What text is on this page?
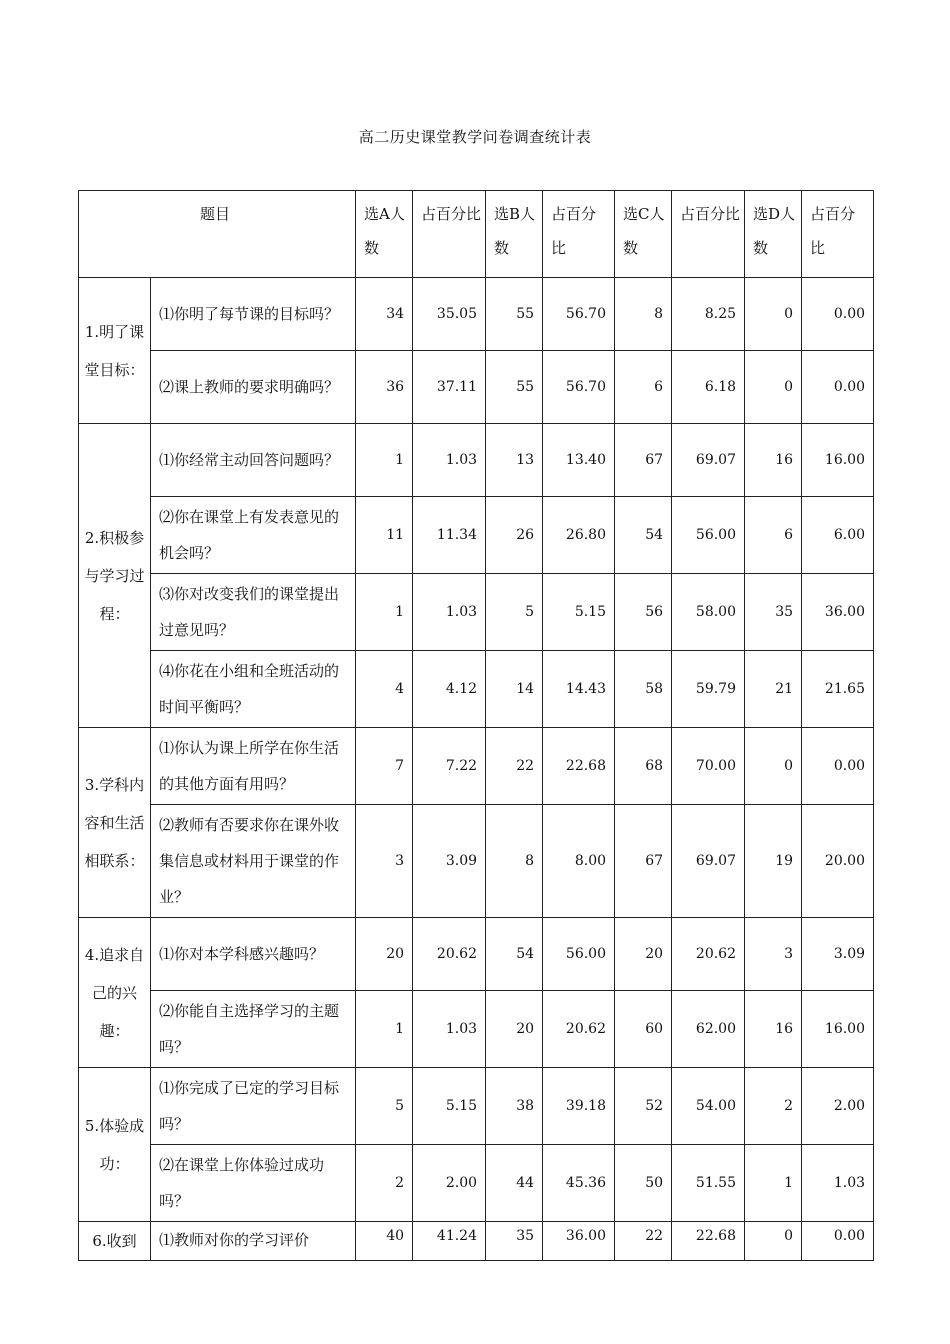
高二历史课堂教学问卷调查统计表
题目		选A人数	占百分比	选B人数	占百分比	选C人数	占百分比	选D人数	占百分比
1.明了课堂目标：	⑴你明了每节课的目标吗？	34	35.05	55	56.70	8	8.25	0	0.00
	⑵课上教师的要求明确吗？	36	37.11	55	56.70	6	6.18	0	0.00
2.积极参与学习过程：	⑴你经常主动回答问题吗？	1	1.03	13	13.40	67	69.07	16	16.00
	⑵你在课堂上有发表意见的机会吗？	11	11.34	26	26.80	54	56.00	6	6.00
	⑶你对改变我们的课堂提出过意见吗？	1	1.03	5	5.15	56	58.00	35	36.00
	⑷你花在小组和全班活动的时间平衡吗？	4	4.12	14	14.43	58	59.79	21	21.65
3.学科内容和生活相联系：	⑴你认为课上所学在你生活的其他方面有用吗？	7	7.22	22	22.68	68	70.00	0	0.00
	⑵教师有否要求你在课外收集信息或材料用于课堂的作业？	3	3.09	8	8.00	67	69.07	19	20.00
4.追求自己的兴趣：	⑴你对本学科感兴趣吗？	20	20.62	54	56.00	20	20.62	3	3.09
	⑵你能自主选择学习的主题吗？	1	1.03	20	20.62	60	62.00	16	16.00
5.体验成功：	⑴你完成了已定的学习目标吗？	5	5.15	38	39.18	52	54.00	2	2.00
	⑵在课堂上你体验过成功吗？	2	2.00	44	45.36	50	51.55	1	1.03
6.收到	⑴教师对你的学习评价	40	41.24	35	36.00	22	22.68	0	0.00
